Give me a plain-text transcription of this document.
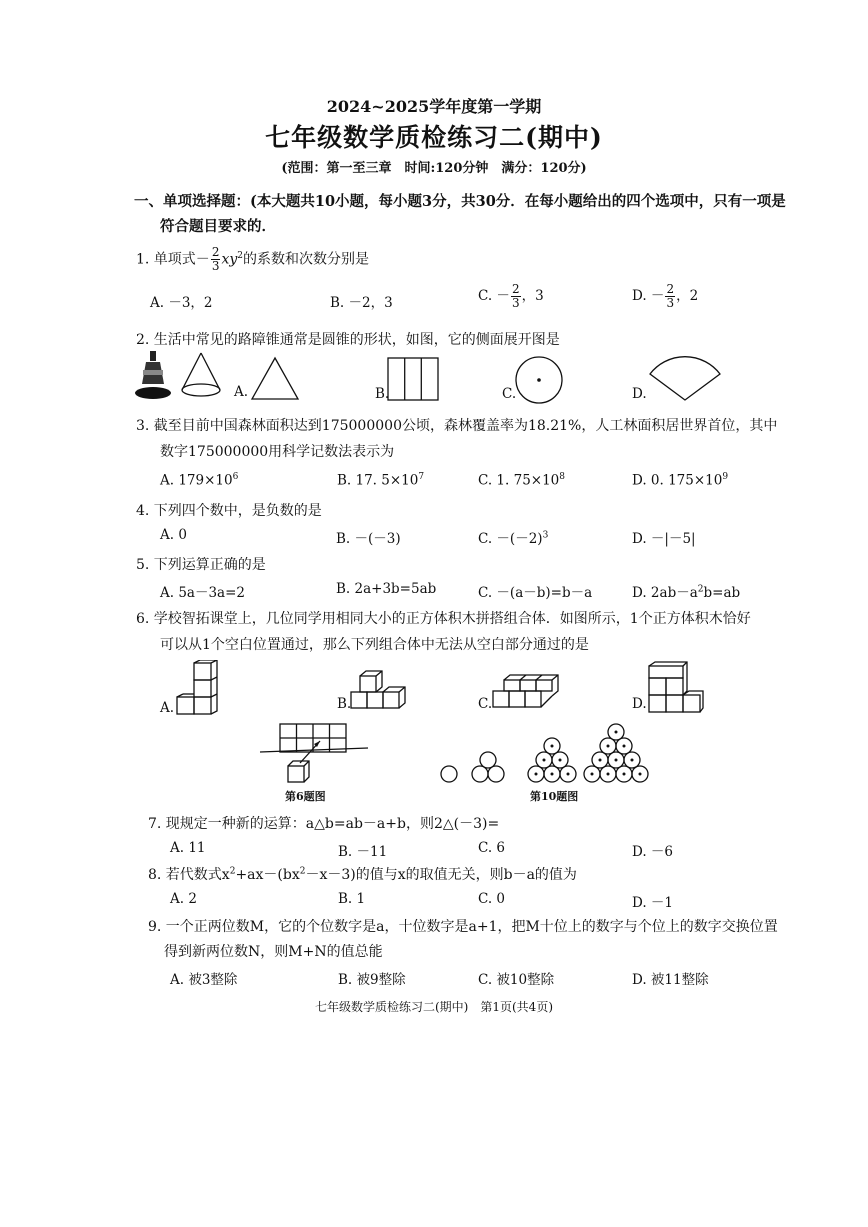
2024~2025学年度第一学期
七年级数学质检练习二(期中)
(范围：第一至三章　时间:120分钟　满分：120分)
一、单项选择题：(本大题共10小题，每小题3分，共30分．在每小题给出的四个选项中，只有一项是
符合题目要求的．
1. 单项式－ $\frac{2}{3} xy^2$的系数和次数分别是
A. －3，2	B. －2，3	C. － $\frac{2}{3}$ ，3	D. － $\frac{2}{3}$ ，2
2. 生活中常见的路障锥通常是圆锥的形状，如图，它的侧面展开图是
A.	B.	C.	D.
3. 截至目前中国森林面积达到175000000公顷，森林覆盖率为18.21%，人工林面积居世界首位，其中
数字175000000用科学记数法表示为
A. $179\times 10^6$	B. 17. $5\times 10^7$	C. 1. $75\times 10^8$	D. 0. $175\times 10^9$
4. 下列四个数中，是负数的是
A. 0	B. －(－3)	C. $-(-2)^3$	D. －|－5|
5. 下列运算正确的是
A. 5a－3a=2	B. 2a+3b=5ab	C. －(a－b)=b－a	D. $2ab-a^2b=ab$
6. 学校智拓课堂上，几位同学用相同大小的正方体积木拼搭组合体．如图所示，1个正方体积木恰好
可以从1个空白位置通过，那么下列组合体中无法从空白部分通过的是
A.	B.	C.	D.
第6题图	第10题图
7. 现规定一种新的运算：a△b=ab－a+b，则2△(－3)=
A. 11	B. －11	C. 6	D. －6
8. 若代数式$x^2+ax-(bx^2-x-3)$的值与x的取值无关，则b－a的值为
A. 2	B. 1	C. 0	D. －1
9. 一个正两位数M，它的个位数字是a，十位数字是a+1，把M十位上的数字与个位上的数字交换位置
得到新两位数N，则M+N的值总能
A. 被3整除	B. 被9整除	C. 被10整除	D. 被11整除
七年级数学质检练习二(期中)　第1页(共4页)
